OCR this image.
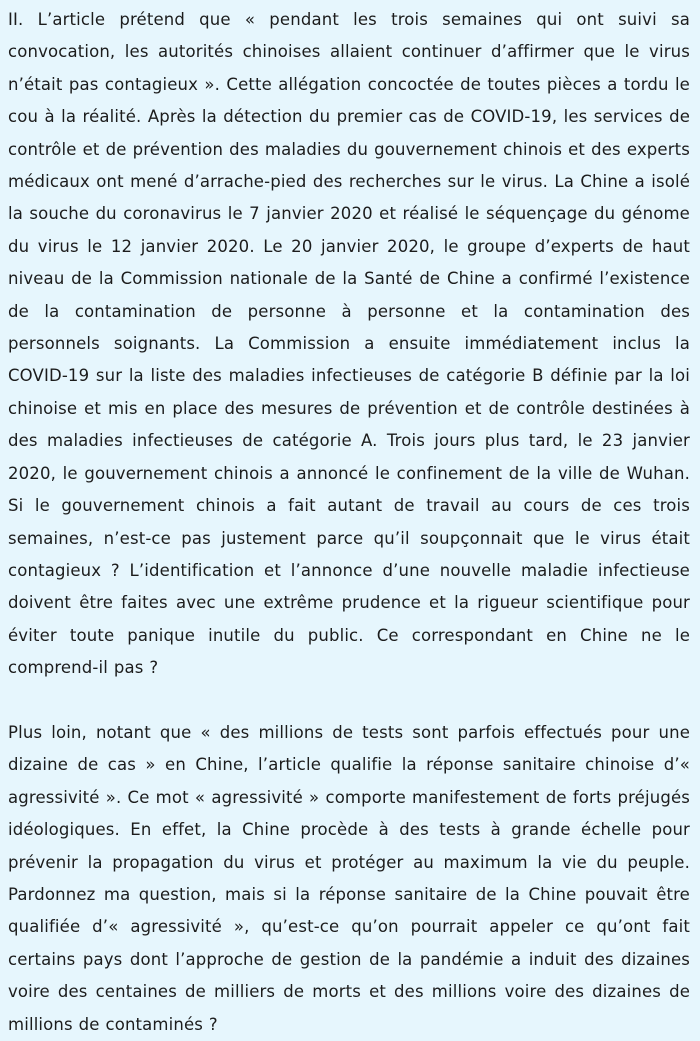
II. L’article prétend que « pendant les trois semaines qui ont suivi sa convocation, les autorités chinoises allaient continuer d’affirmer que le virus n’était pas contagieux ». Cette allégation concoctée de toutes pièces a tordu le cou à la réalité. Après la détection du premier cas de COVID-19, les services de contrôle et de prévention des maladies du gouvernement chinois et des experts médicaux ont mené d’arrache-pied des recherches sur le virus. La Chine a isolé la souche du coronavirus le 7 janvier 2020 et réalisé le séquençage du génome du virus le 12 janvier 2020. Le 20 janvier 2020, le groupe d’experts de haut niveau de la Commission nationale de la Santé de Chine a confirmé l’existence de la contamination de personne à personne et la contamination des personnels soignants. La Commission a ensuite immédiatement inclus la COVID-19 sur la liste des maladies infectieuses de catégorie B définie par la loi chinoise et mis en place des mesures de prévention et de contrôle destinées à des maladies infectieuses de catégorie A. Trois jours plus tard, le 23 janvier 2020, le gouvernement chinois a annoncé le confinement de la ville de Wuhan. Si le gouvernement chinois a fait autant de travail au cours de ces trois semaines, n’est-ce pas justement parce qu’il soupçonnait que le virus était contagieux ? L’identification et l’annonce d’une nouvelle maladie infectieuse doivent être faites avec une extrême prudence et la rigueur scientifique pour éviter toute panique inutile du public. Ce correspondant en Chine ne le comprend-il pas ?

Plus loin, notant que « des millions de tests sont parfois effectués pour une dizaine de cas » en Chine, l’article qualifie la réponse sanitaire chinoise d’« agressivité ». Ce mot « agressivité » comporte manifestement de forts préjugés idéologiques. En effet, la Chine procède à des tests à grande échelle pour prévenir la propagation du virus et protéger au maximum la vie du peuple. Pardonnez ma question, mais si la réponse sanitaire de la Chine pouvait être qualifiée d’« agressivité », qu’est-ce qu’on pourrait appeler ce qu’ont fait certains pays dont l’approche de gestion de la pandémie a induit des dizaines voire des centaines de milliers de morts et des millions voire des dizaines de millions de contaminés ?
